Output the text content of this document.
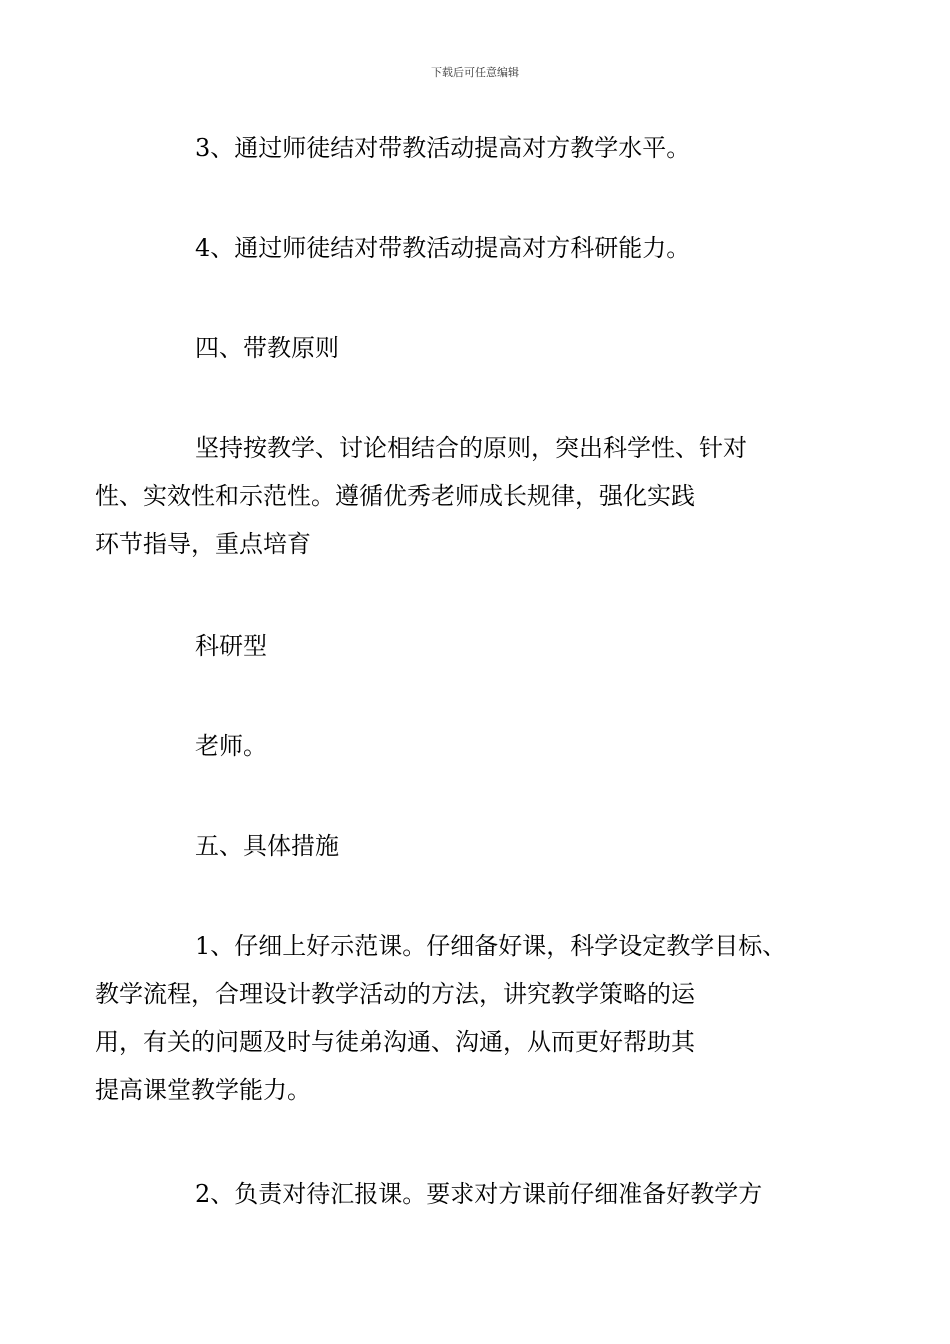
下载后可任意编辑

3、通过师徒结对带教活动提高对方教学水平。

4、通过师徒结对带教活动提高对方科研能力。

四、带教原则

坚持按教学、讨论相结合的原则，突出科学性、针对
性、实效性和示范性。遵循优秀老师成长规律，强化实践
环节指导，重点培育

科研型

老师。

五、具体措施

1、仔细上好示范课。仔细备好课，科学设定教学目标、
教学流程，合理设计教学活动的方法，讲究教学策略的运
用，有关的问题及时与徒弟沟通、沟通，从而更好帮助其
提高课堂教学能力。

2、负责对待汇报课。要求对方课前仔细准备好教学方
